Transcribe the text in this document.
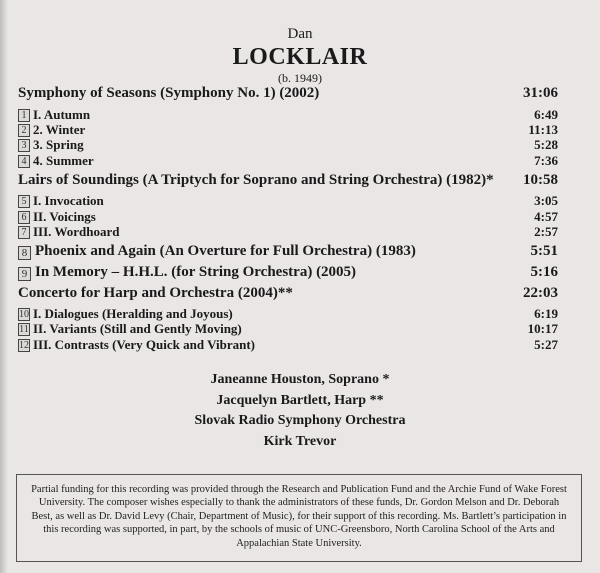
Dan
LOCKLAIR
(b. 1949)
Symphony of Seasons (Symphony No. 1) (2002)	31:06
1 I. Autumn	6:49
2 2. Winter	11:13
3 3. Spring	5:28
4 4. Summer	7:36
Lairs of Soundings (A Triptych for Soprano and String Orchestra) (1982)* 10:58
5 I. Invocation	3:05
6 II. Voicings	4:57
7 III. Wordhoard	2:57
8 Phoenix and Again (An Overture for Full Orchestra) (1983)	5:51
9 In Memory – H.H.L. (for String Orchestra) (2005)	5:16
Concerto for Harp and Orchestra (2004)**	22:03
10 I. Dialogues (Heralding and Joyous)	6:19
11 II. Variants (Still and Gently Moving)	10:17
12 III. Contrasts (Very Quick and Vibrant)	5:27
Janeanne Houston, Soprano *
Jacquelyn Bartlett, Harp **
Slovak Radio Symphony Orchestra
Kirk Trevor
Partial funding for this recording was provided through the Research and Publication Fund and the Archie Fund of Wake Forest University. The composer wishes especially to thank the administrators of these funds, Dr. Gordon Melson and Dr. Deborah Best, as well as Dr. David Levy (Chair, Department of Music), for their support of this recording. Ms. Bartlett’s participation in this recording was supported, in part, by the schools of music of UNC-Greensboro, North Carolina School of the Arts and Appalachian State University.
